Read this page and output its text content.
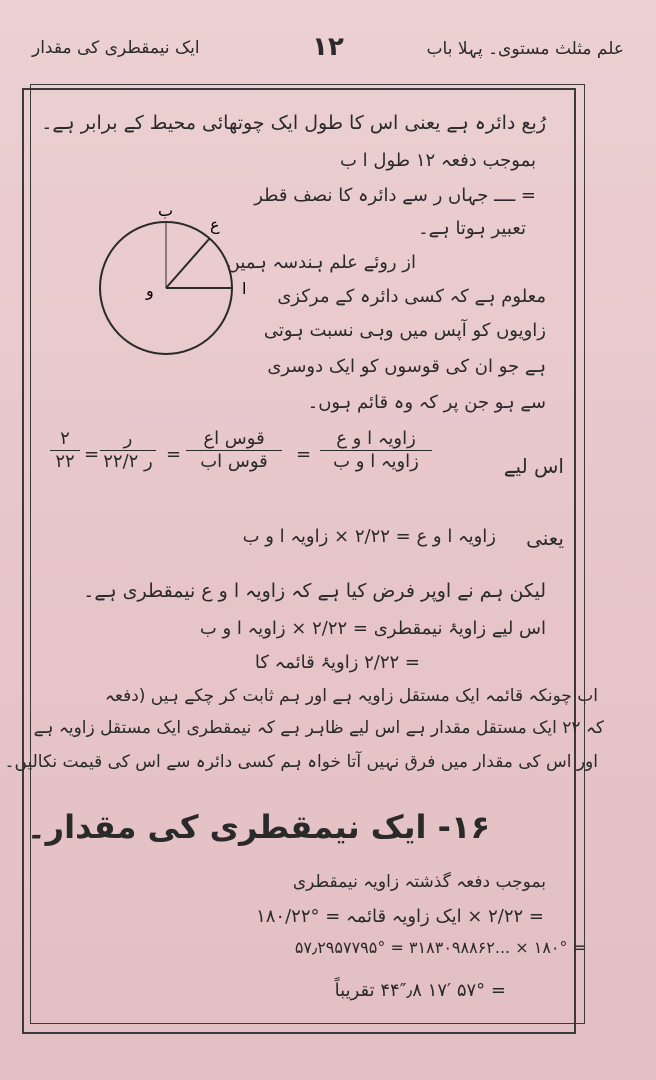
ایک نیمقطری کی مقدار	۱۲	علم مثلث مستوی۔ پہلا باب
رُبع دائرہ ہے یعنی اس کا طول ایک چوتھائی محیط کے برابر ہے۔
بموجب دفعہ ۱۲ طول ا ب
= ــــ جہاں ر سے دائرہ کا نصف قطر
تعبیر ہوتا ہے۔
ب
ع
و	ا
از روئے علم ہندسہ ہمیں
معلوم ہے کہ کسی دائرہ کے مرکزی
زاویوں کو آپس میں وہی نسبت ہوتی
ہے جو ان کی قوسوں کو ایک دوسری
سے ہو جن پر کہ وہ قائم ہوں۔
اس لیے
زاویہ ا و ع
زاویہ ا و ب
=
قوس اع
قوس اب
=
ر
ر ۲۲/۲
=
۲
۲۲
یعنی
زاویہ ا و ع = ۲/۲۲ × زاویہ ا و ب
لیکن ہم نے اوپر فرض کیا ہے کہ زاویہ ا و ع نیمقطری ہے۔
اس لیے زاویۂ نیمقطری = ۲/۲۲ × زاویہ ا و ب
= ۲/۲۲ زاویۂ قائمہ کا
اب چونکہ قائمہ ایک مستقل زاویہ ہے اور ہم ثابت کر چکے ہیں (دفعہ
کہ ۲۲ ایک مستقل مقدار ہے اس لیے ظاہر ہے کہ نیمقطری ایک مستقل زاویہ ہے
اور اس کی مقدار میں فرق نہیں آتا خواہ ہم کسی دائرہ سے اس کی قیمت نکالیں۔
۱۶- ایک نیمقطری کی مقدار۔
بموجب دفعہ گذشتہ زاویہ نیمقطری
= ۲/۲۲ × ایک زاویہ قائمہ = °۱۸۰/۲۲
= ۱۸۰° × ...۳۱۸۳۰۹۸۸۶۲ = ۵۷٫۲۹۵۷۷۹۵°
= ۵۷° ۱۷′ ۴۴″٫۸ تقریباً
